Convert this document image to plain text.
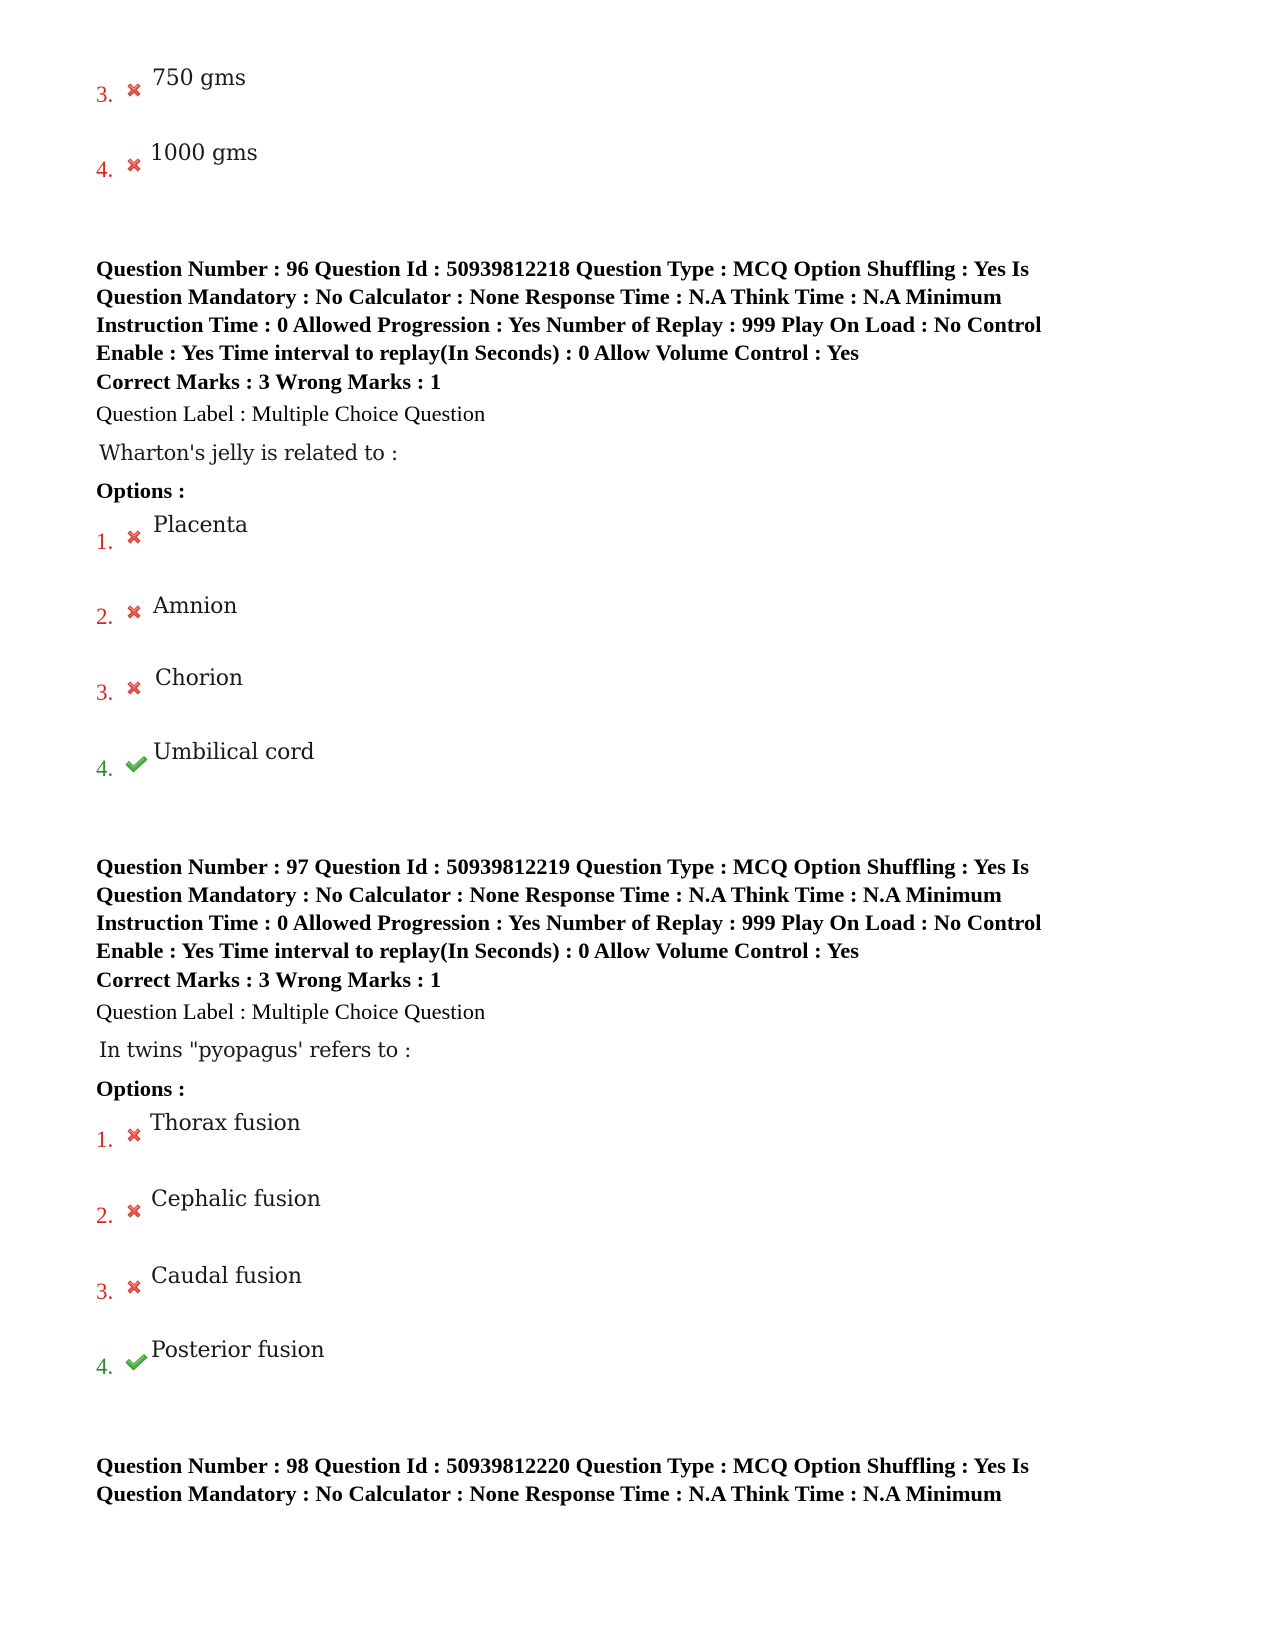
3.
750 gms
4.
1000 gms
Question Number : 96 Question Id : 50939812218 Question Type : MCQ Option Shuffling : Yes Is
Question Mandatory : No Calculator : None Response Time : N.A Think Time : N.A Minimum
Instruction Time : 0 Allowed Progression : Yes Number of Replay : 999 Play On Load : No Control
Enable : Yes Time interval to replay(In Seconds) : 0 Allow Volume Control : Yes
Correct Marks : 3 Wrong Marks : 1
Question Label : Multiple Choice Question
Wharton's jelly is related to :
Options :
1.
Placenta
2. Amnion
3.
Chorion
4.
Umbilical cord
Question Number : 97 Question Id : 50939812219 Question Type : MCQ Option Shuffling : Yes Is
Question Mandatory : No Calculator : None Response Time : N.A Think Time : N.A Minimum
Instruction Time : 0 Allowed Progression : Yes Number of Replay : 999 Play On Load : No Control
Enable : Yes Time interval to replay(In Seconds) : 0 Allow Volume Control : Yes
Correct Marks : 3 Wrong Marks : 1
Question Label : Multiple Choice Question
In twins "pyopagus' refers to :
Options :
1.
Thorax fusion
2.
Cephalic fusion
3.
Caudal fusion
4.
Posterior fusion
Question Number : 98 Question Id : 50939812220 Question Type : MCQ Option Shuffling : Yes Is
Question Mandatory : No Calculator : None Response Time : N.A Think Time : N.A Minimum
